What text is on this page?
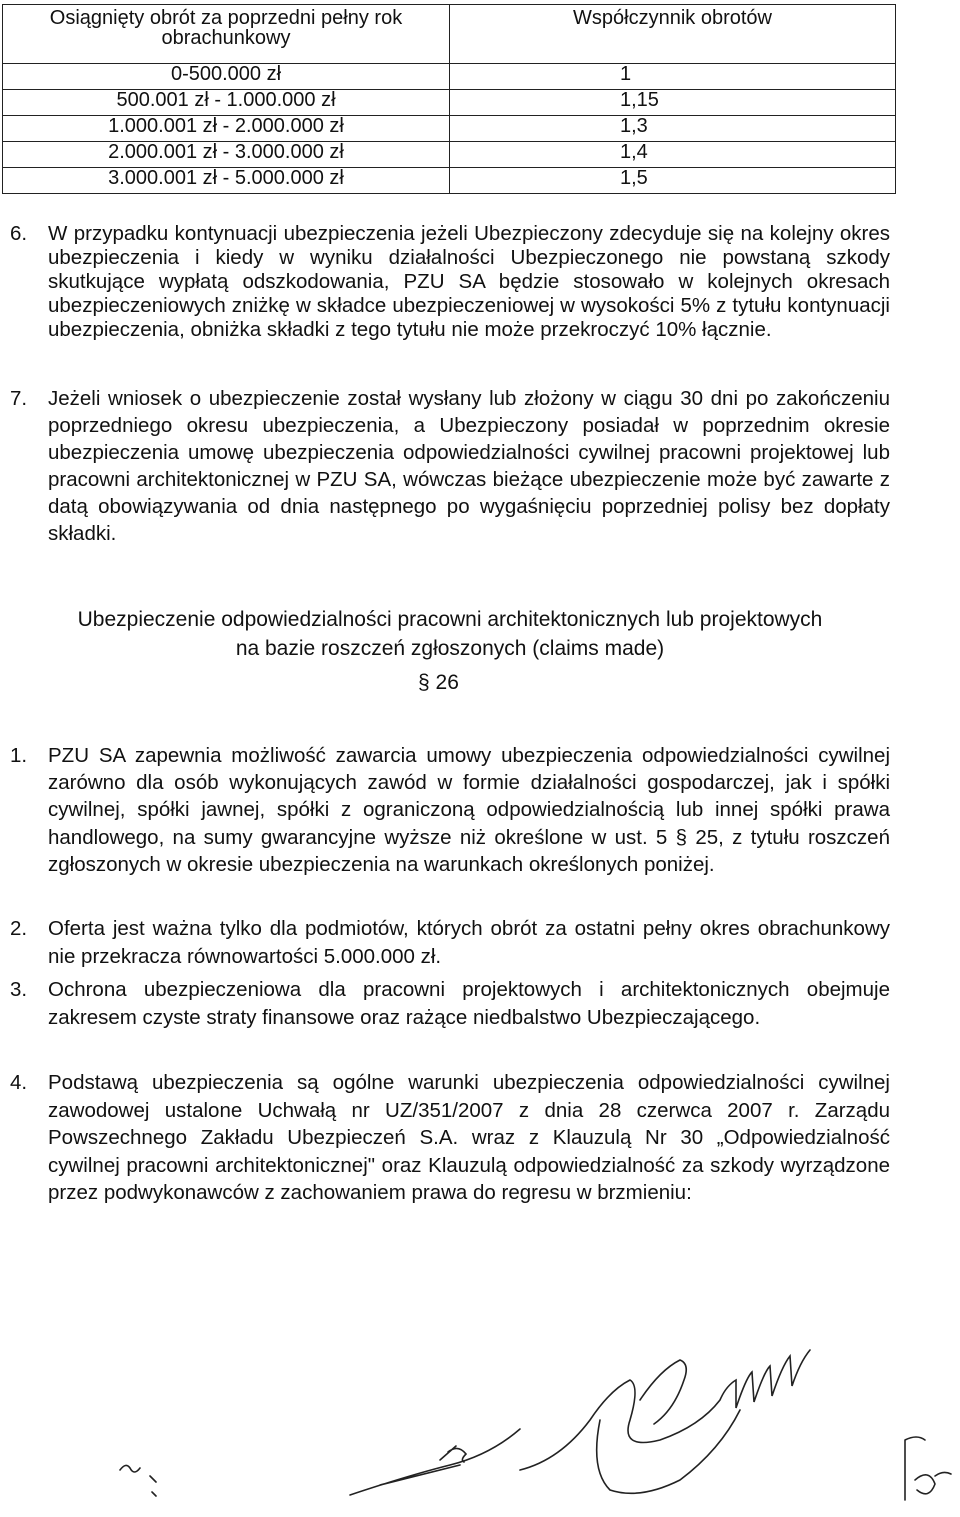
Osiągnięty obrót za poprzedni pełny rok obrachunkowy	Współczynnik obrotów
0-500.000 zł	1
500.001 zł - 1.000.000 zł	1,15
1.000.001 zł - 2.000.000 zł	1,3
2.000.001 zł - 3.000.000 zł	1,4
3.000.001 zł - 5.000.000 zł	1,5
6. W przypadku kontynuacji ubezpieczenia jeżeli Ubezpieczony zdecyduje się na kolejny okres ubezpieczenia i kiedy w wyniku działalności Ubezpieczonego nie powstaną szkody skutkujące wypłatą odszkodowania, PZU SA będzie stosowało w kolejnych okresach ubezpieczeniowych zniżkę w składce ubezpieczeniowej w wysokości 5% z tytułu kontynuacji ubezpieczenia, obniżka składki z tego tytułu nie może przekroczyć 10% łącznie.
7. Jeżeli wniosek o ubezpieczenie został wysłany lub złożony w ciągu 30 dni po zakończeniu poprzedniego okresu ubezpieczenia, a Ubezpieczony posiadał w poprzednim okresie ubezpieczenia umowę ubezpieczenia odpowiedzialności cywilnej pracowni projektowej lub pracowni architektonicznej w PZU SA, wówczas bieżące ubezpieczenie może być zawarte z datą obowiązywania od dnia następnego po wygaśnięciu poprzedniej polisy bez dopłaty składki.
Ubezpieczenie odpowiedzialności pracowni architektonicznych lub projektowych
na bazie roszczeń zgłoszonych (claims made)
§ 26
1. PZU SA zapewnia możliwość zawarcia umowy ubezpieczenia odpowiedzialności cywilnej zarówno dla osób wykonujących zawód w formie działalności gospodarczej, jak i spółki cywilnej, spółki jawnej, spółki z ograniczoną odpowiedzialnością lub innej spółki prawa handlowego, na sumy gwarancyjne wyższe niż określone w ust. 5 § 25, z tytułu roszczeń zgłoszonych w okresie ubezpieczenia na warunkach określonych poniżej.
2. Oferta jest ważna tylko dla podmiotów, których obrót za ostatni pełny okres obrachunkowy nie przekracza równowartości 5.000.000 zł.
3. Ochrona ubezpieczeniowa dla pracowni projektowych i architektonicznych obejmuje zakresem czyste straty finansowe oraz rażące niedbalstwo Ubezpieczającego.
4. Podstawą ubezpieczenia są ogólne warunki ubezpieczenia odpowiedzialności cywilnej zawodowej ustalone Uchwałą nr UZ/351/2007 z dnia 28 czerwca 2007 r. Zarządu Powszechnego Zakładu Ubezpieczeń S.A. wraz z Klauzulą Nr 30 „Odpowiedzialność cywilnej pracowni architektonicznej" oraz Klauzulą odpowiedzialność za szkody wyrządzone przez podwykonawców z zachowaniem prawa do regresu w brzmieniu:
